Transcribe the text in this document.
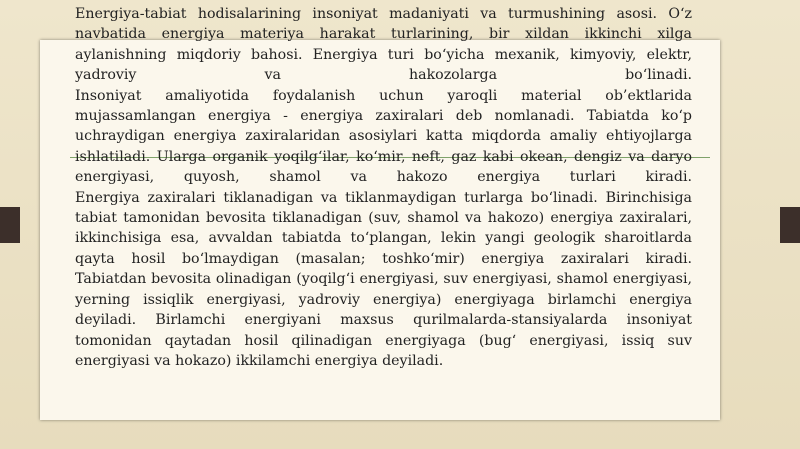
Energiya-tabiat hodisalarining insoniyat madaniyati va turmushining asosi. O‘z navbatida energiya materiya harakat turlarining, bir xildan ikkinchi xilga aylanishning miqdoriy bahosi. Energiya turi bo‘yicha mexanik, kimyoviy, elektr, yadroviy va hakozolarga bo‘linadi.

Insoniyat amaliyotida foydalanish uchun yaroqli material ob’ektlarida mujassamlangan energiya - energiya zaxiralari deb nomlanadi. Tabiatda ko‘p uchraydigan energiya zaxiralaridan asosiylari katta miqdorda amaliy ehtiyojlarga ishlatiladi. Ularga organik yoqilg‘ilar, ko‘mir, neft, gaz kabi okean, dengiz va daryo energiyasi, quyosh, shamol va hakozo energiya turlari kiradi.

Energiya zaxiralari tiklanadigan va tiklanmaydigan turlarga bo‘linadi. Birinchisiga tabiat tamonidan bevosita tiklanadigan (suv, shamol va hakozo) energiya zaxiralari, ikkinchisiga esa, avvaldan tabiatda to‘plangan, lekin yangi geologik sharoitlarda qayta hosil bo‘lmaydigan (masalan; toshko‘mir) energiya zaxiralari kiradi.

Tabiatdan bevosita olinadigan (yoqilg‘i energiyasi, suv energiyasi, shamol energiyasi, yerning issiqlik energiyasi, yadroviy energiya) energiyaga birlamchi energiya deyiladi. Birlamchi energiyani maxsus qurilmalarda-stansiyalarda insoniyat tomonidan qaytadan hosil qilinadigan energiyaga (bug‘ energiyasi, issiq suv energiyasi va hokazo) ikkilamchi energiya deyiladi.
